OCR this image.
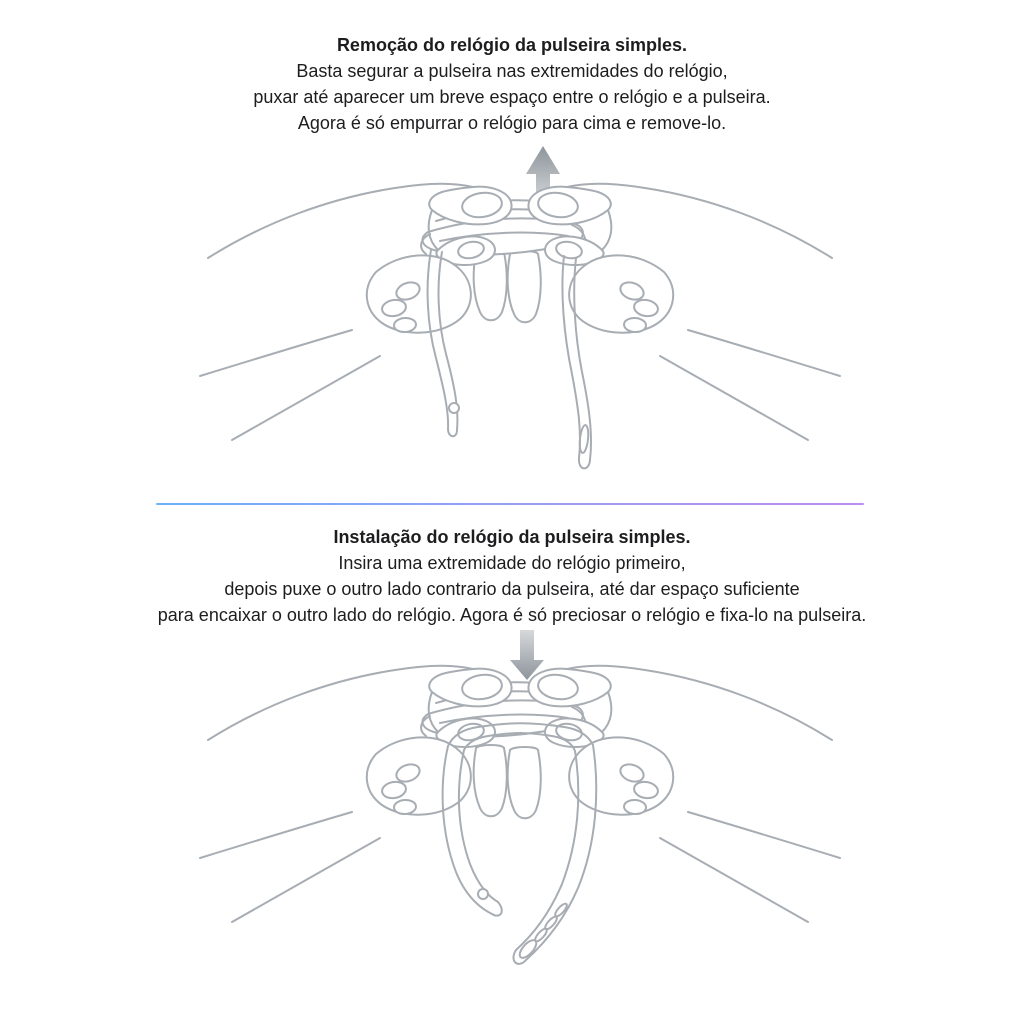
Remoção do relógio da pulseira simples.
Basta segurar a pulseira nas extremidades do relógio,
puxar até aparecer um breve espaço entre o relógio e a pulseira.
Agora é só empurrar o relógio para cima e remove-lo.
Instalação do relógio da pulseira simples.
Insira uma extremidade do relógio primeiro,
depois puxe o outro lado contrario da pulseira, até dar espaço suficiente
para encaixar o outro lado do relógio. Agora é só preciosar o relógio e fixa-lo na pulseira.
